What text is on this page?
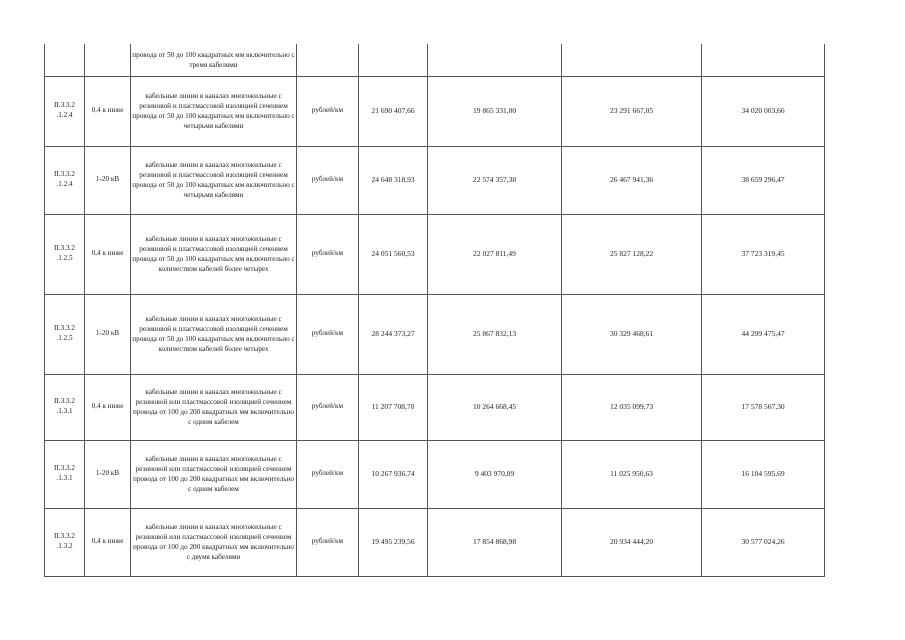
		провода от 50 до 100 квадратных мм включительно с тремя кабелями					
II.3.3.2 .1.2.4	0,4 к ниже	кабельные линии в каналах многожильные с резиновой и пластмассовой изоляцией сечением провода от 50 до 100 квадратных мм включительно с четырьмя кабелями	рублей/км	21 690 407,66	19 865 331,00	23 291 667,05	34 020 003,66
II.3.3.2 .1.2.4	1-20 кВ	кабельные линии в каналах многожильные с резиновой и пластмассовой изоляцией сечением провода от 50 до 100 квадратных мм включительно с четырьмя кабелями	рублей/км	24 648 318,93	22 574 357,38	26 467 941,36	38 659 296,47
II.3.3.2 .1.2.5	0,4 к ниже	кабельные линии в каналах многожильные с резиновой и пластмассовой изоляцией сечением провода от 50 до 100 квадратных мм включительно с количеством кабелей более четырех	рублей/км	24 051 560,53	22 027 811,49	25 827 128,22	37 723 319,45
II.3.3.2 .1.2.5	1-20 кВ	кабельные линии в каналах многожильные с резиновой и пластмассовой изоляцией сечением провода от 50 до 100 квадратных мм включительно с количеством кабелей более четырех	рублей/км	28 244 373,27	25 867 832,13	30 329 468,61	44 299 475,47
II.3.3.2 .1.3.1	0,4 к ниже	кабельные линии в каналах многожильные с резиновой или пластмассовой изоляцией сечением провода от 100 до 200 квадратных мм включительно с одним кабелем	рублей/км	11 207 708,70	10 264 668,45	12 035 099,73	17 578 567,30
II.3.3.2 .1.3.1	1-20 кВ	кабельные линии в каналах многожильные с резиновой или пластмассовой изоляцией сечением провода от 100 до 200 квадратных мм включительно с одним кабелем	рублей/км	10 267 936,74	9 403 970,89	11 025 950,63	16 104 595,69
II.3.3.2 .1.3.2	0,4 к ниже	кабельные линии в каналах многожильные с резиновой или пластмассовой изоляцией сечением провода от 100 до 200 квадратных мм включительно с двумя кабелями	рублей/км	19 495 239,56	17 854 868,98	20 934 444,20	30 577 024,26
